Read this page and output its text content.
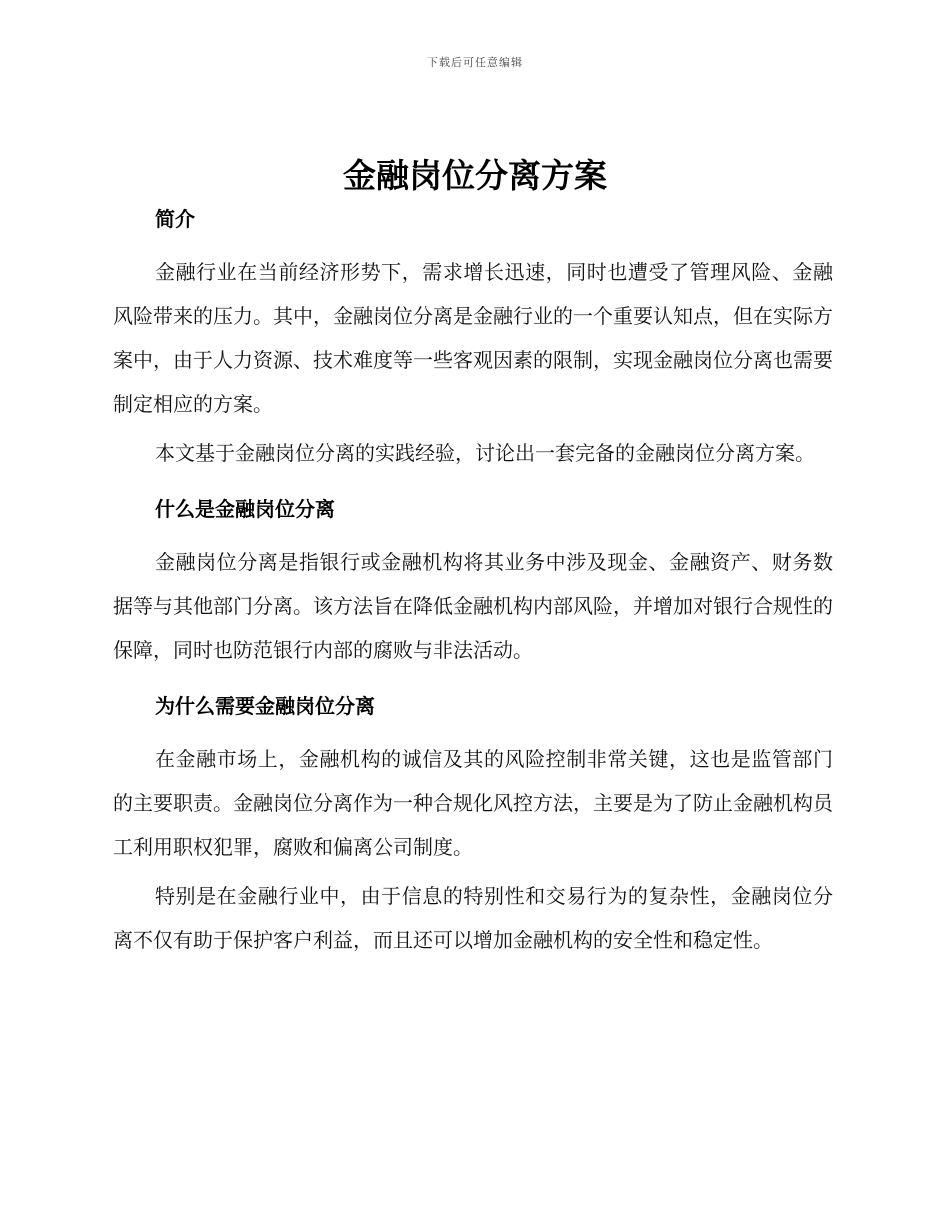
下载后可任意编辑
金融岗位分离方案
简介

金融行业在当前经济形势下，需求增长迅速，同时也遭受了管理风险、金融风险带来的压力。其中，金融岗位分离是金融行业的一个重要认知点，但在实际方案中，由于人力资源、技术难度等一些客观因素的限制，实现金融岗位分离也需要制定相应的方案。

本文基于金融岗位分离的实践经验，讨论出一套完备的金融岗位分离方案。

什么是金融岗位分离

金融岗位分离是指银行或金融机构将其业务中涉及现金、金融资产、财务数据等与其他部门分离。该方法旨在降低金融机构内部风险，并增加对银行合规性的保障，同时也防范银行内部的腐败与非法活动。

为什么需要金融岗位分离

在金融市场上，金融机构的诚信及其的风险控制非常关键，这也是监管部门的主要职责。金融岗位分离作为一种合规化风控方法，主要是为了防止金融机构员工利用职权犯罪，腐败和偏离公司制度。

特别是在金融行业中，由于信息的特别性和交易行为的复杂性，金融岗位分离不仅有助于保护客户利益，而且还可以增加金融机构的安全性和稳定性。
